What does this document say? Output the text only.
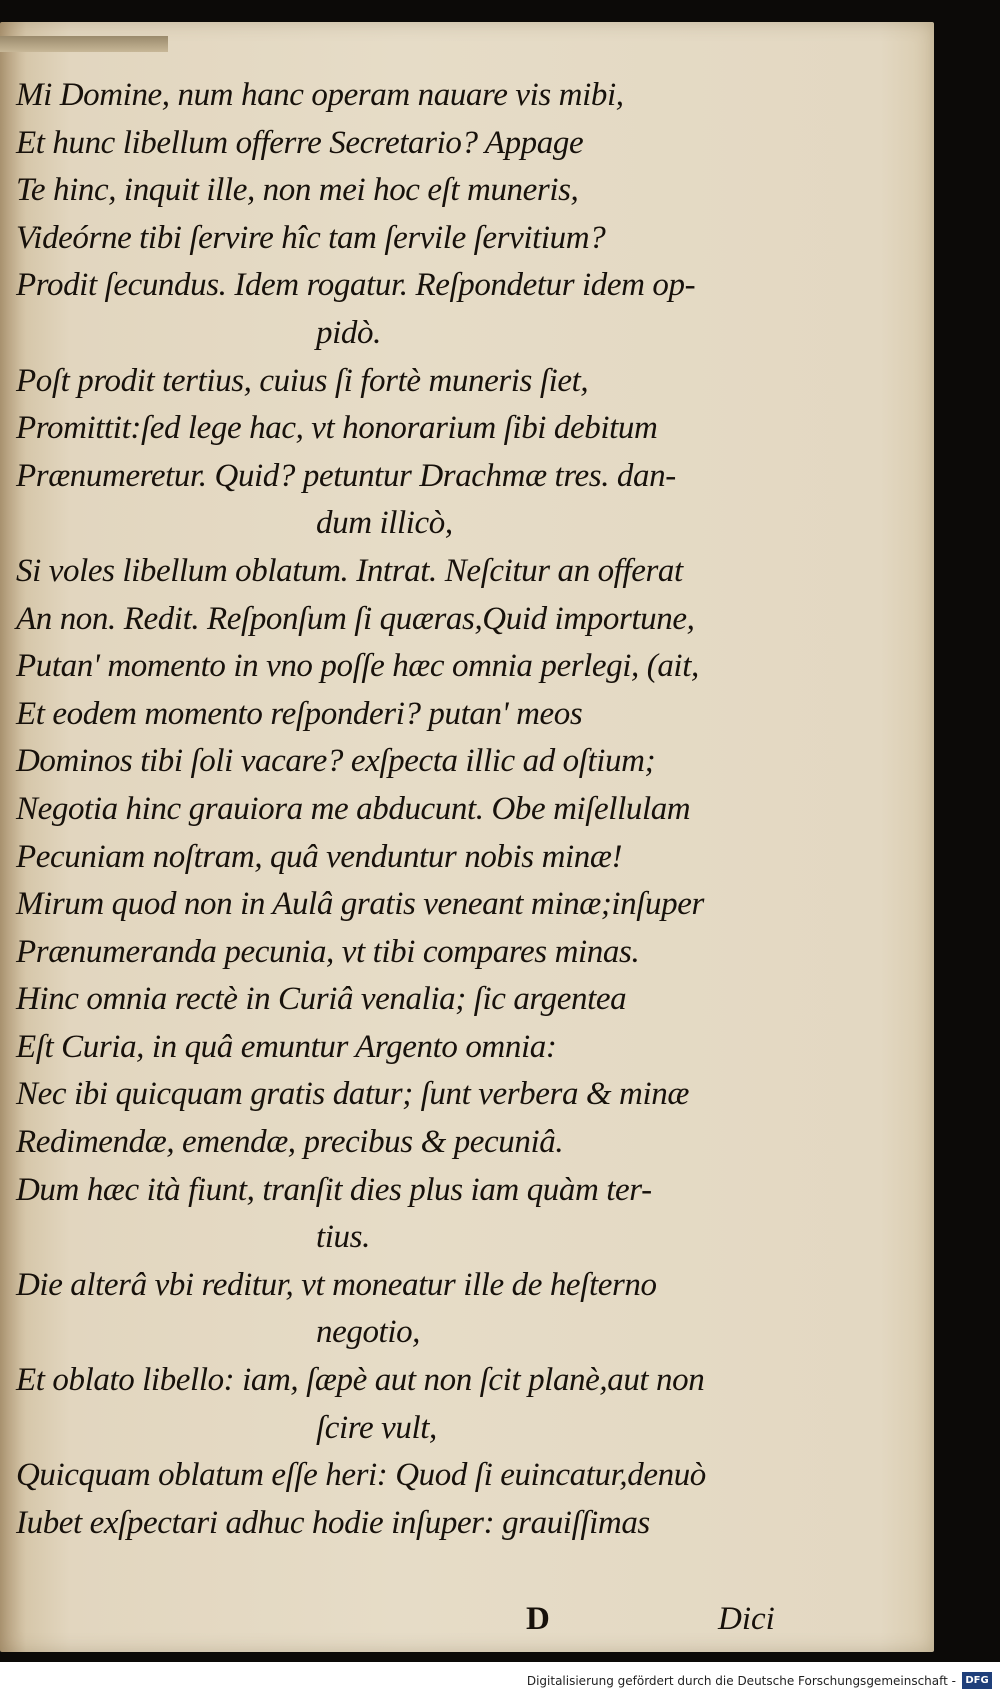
Mi Domine, num hanc operam nauare vis mibi,
Et hunc libellum offerre Secretario? Appage
Te hinc, inquit ille, non mei hoc eſt muneris,
Videórne tibi ſervire hîc tam ſervile ſervitium?
Prodit ſecundus. Idem rogatur. Reſpondetur idem op-
pidò.
Poſt prodit tertius, cuius ſi fortè muneris ſiet,
Promittit:ſed lege hac, vt honorarium ſibi debitum
Prænumeretur. Quid? petuntur Drachmæ tres. dan-
dum illicò,
Si voles libellum oblatum. Intrat. Neſcitur an offerat
An non. Redit. Reſponſum ſi quæras,Quid importune,
Putan' momento in vno poſſe hæc omnia perlegi, (ait,
Et eodem momento reſponderi? putan' meos
Dominos tibi ſoli vacare? exſpecta illic ad oſtium;
Negotia hinc grauiora me abducunt. Obe miſellulam
Pecuniam noſtram, quâ venduntur nobis minæ!
Mirum quod non in Aulâ gratis veneant minæ;inſuper
Prænumeranda pecunia, vt tibi compares minas.
Hinc omnia rectè in Curiâ venalia; ſic argentea
Eſt Curia, in quâ emuntur Argento omnia:
Nec ibi quicquam gratis datur; ſunt verbera & minæ
Redimendæ, emendæ, precibus & pecuniâ.
Dum hæc ità fiunt, tranſit dies plus iam quàm ter-
tius.
Die alterâ vbi reditur, vt moneatur ille de heſterno
negotio,
Et oblato libello: iam, ſæpè aut non ſcit planè,aut non
ſcire vult,
Quicquam oblatum eſſe heri: Quod ſi euincatur,denuò
Iubet exſpectari adhuc hodie inſuper: grauiſſimas
D	Dici
Digitalisierung gefördert durch die Deutsche Forschungsgemeinschaft - DFG
